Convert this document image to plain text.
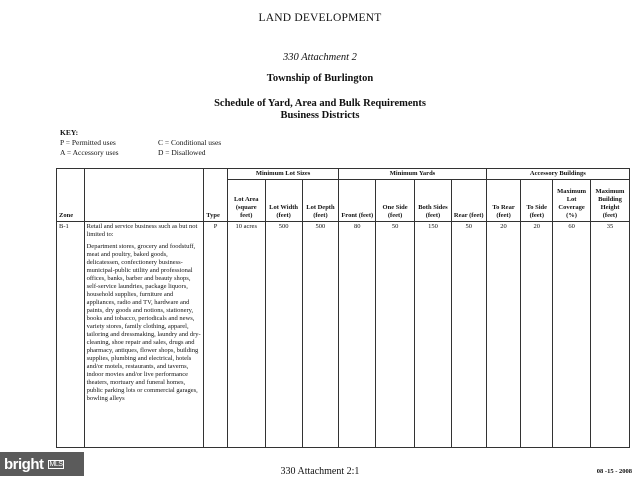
LAND DEVELOPMENT
330 Attachment 2
Township of Burlington
Schedule of Yard, Area and Bulk Requirements
Business Districts
KEY:
P = Permitted uses	C = Conditional uses
A = Accessory uses	D = Disallowed
Zone		Type	Minimum Lot Sizes			Minimum Yards				Accessory Buildings			
			Lot Area (square feet)	Lot Width (feet)	Lot Depth (feet)	Front (feet)	One Side (feet)	Both Sides (feet)	Rear (feet)	To Rear (feet)	To Side (feet)	Maximum Lot Coverage (%)	Maximum Building Height (feet)
B-1	Retail and service business such as but not limited to:

Department stores, grocery and foodstuff, meat and poultry, baked goods, delicatessen, confectionery business-municipal-public utility and professional offices, banks, barber and beauty shops, self-service laundries, package liquors, household supplies, furniture and appliances, radio and TV, hardware and paints, dry goods and notions, stationery, books and tobacco, periodicals and news, variety stores, family clothing, apparel, tailoring and dressmaking, laundry and dry-cleaning, shoe repair and sales, drugs and pharmacy, antiques, flower shops, building supplies, plumbing and electrical, hotels and/or motels, restaurants, and taverns, indoor movies and/or live performance theaters, mortuary and funeral homes, public parking lots or commercial garages, bowling alleys	P	10 acres	500	500	80	50	150	50	20	20	60	35
330 Attachment 2:1	08 -15 - 2008
bright MLS
